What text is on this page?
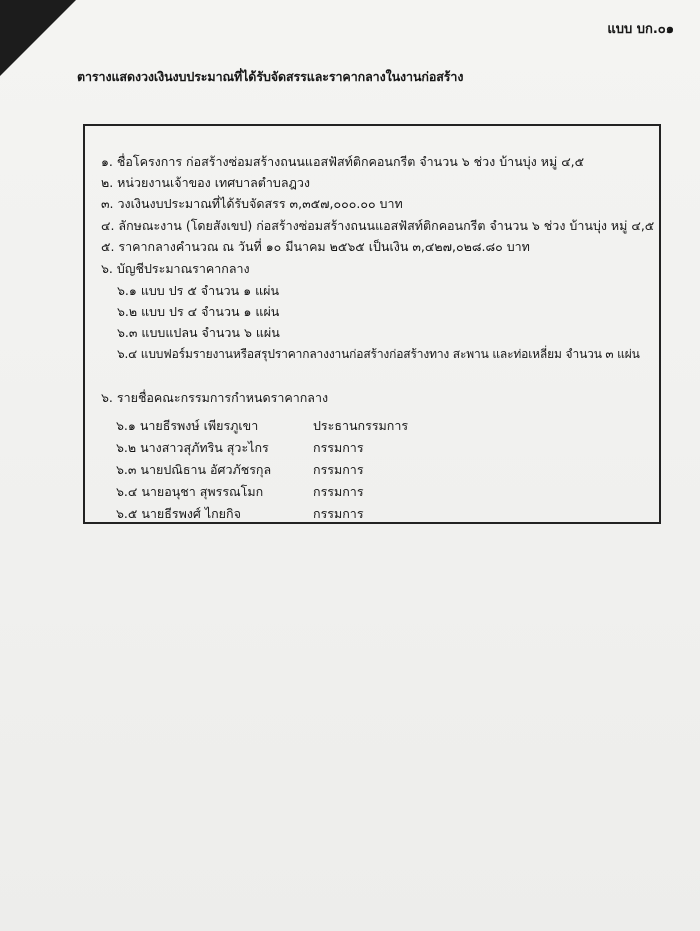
แบบ บก.๐๑
ตารางแสดงวงเงินงบประมาณที่ได้รับจัดสรรและราคากลางในงานก่อสร้าง
๑. ชื่อโครงการ ก่อสร้างซ่อมสร้างถนนแอสฟัสท์ติกคอนกรีต จำนวน ๖ ช่วง บ้านบุ่ง หมู่ ๔,๕
๒. หน่วยงานเจ้าของ เทศบาลตำบลฎวง
๓. วงเงินงบประมาณที่ได้รับจัดสรร ๓,๓๕๗,๐๐๐.๐๐ บาท
๔. ลักษณะงาน (โดยสังเขป) ก่อสร้างซ่อมสร้างถนนแอสฟัสท์ติกคอนกรีต จำนวน ๖ ช่วง บ้านบุ่ง หมู่ ๔,๕
๕. ราคากลางคำนวณ ณ วันที่ ๑๐ มีนาคม ๒๕๖๕ เป็นเงิน ๓,๔๒๗,๐๒๘.๘๐ บาท
๖. บัญชีประมาณราคากลาง
๖.๑ แบบ ปร ๕ จำนวน ๑ แผ่น
๖.๒ แบบ ปร ๔ จำนวน ๑ แผ่น
๖.๓ แบบแปลน จำนวน ๖ แผ่น
๖.๔ แบบฟอร์มรายงานหรือสรุปราคากลางงานก่อสร้างก่อสร้างทาง สะพาน และท่อเหลี่ยม จำนวน ๓ แผ่น
๖. รายชื่อคณะกรรมการกำหนดราคากลาง
๖.๑ นายธีรพงษ์ เพียรภูเขา	ประธานกรรมการ
๖.๒ นางสาวสุภัทริน สุวะไกร	กรรมการ
๖.๓ นายปณิธาน อัศวภัชรกุล	กรรมการ
๖.๔ นายอนุชา สุพรรณโมก	กรรมการ
๖.๕ นายธีรพงศ์ ไกยกิจ	กรรมการ
